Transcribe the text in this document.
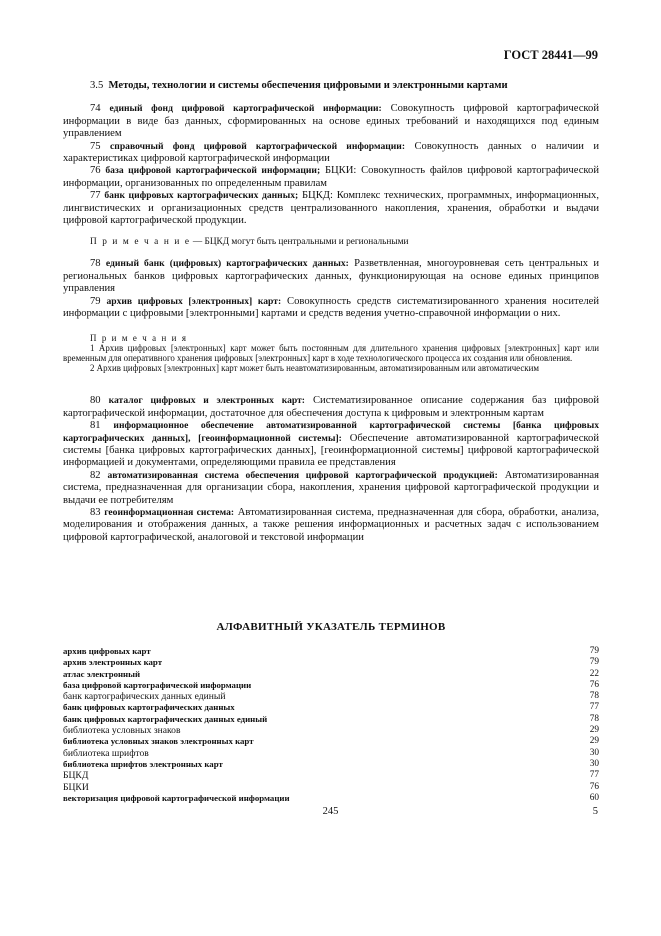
ГОСТ 28441—99

3.5 Методы, технологии и системы обеспечения цифровыми и электронными картами

74 единый фонд цифровой картографической информации: Совокупность цифровой картографической информации в виде баз данных, сформированных на основе единых требований и находящихся под единым управлением

75 справочный фонд цифровой картографической информации: Совокупность данных о наличии и характеристиках цифровой картографической информации

76 база цифровой картографической информации; БЦКИ: Совокупность файлов цифровой картографической информации, организованных по определенным правилам

77 банк цифровых картографических данных; БЦКД: Комплекс технических, программных, информационных, лингвистических и организационных средств централизованного накопления, хранения, обработки и выдачи цифровой картографической продукции.

П р и м е ч а н и е — БЦКД могут быть центральными и региональными

78 единый банк (цифровых) картографических данных: Разветвленная, многоуровневая сеть центральных и региональных банков цифровых картографических данных, функционирующая на основе единых принципов управления

79 архив цифровых [электронных] карт: Совокупность средств систематизированного хранения носителей информации с цифровыми [электронными] картами и средств ведения учетно-справочной информации о них.

П р и м е ч а н и я

1 Архив цифровых [электронных] карт может быть постоянным для длительного хранения цифровых [электронных] карт или временным для оперативного хранения цифровых [электронных] карт в ходе технологического процесса их создания или обновления.

2 Архив цифровых [электронных] карт может быть неавтоматизированным, автоматизированным или автоматическим

80 каталог цифровых и электронных карт: Систематизированное описание содержания баз цифровой картографической информации, достаточное для обеспечения доступа к цифровым и электронным картам

81 информационное обеспечение автоматизированной картографической системы [банка цифровых картографических данных], [геоинформационной системы]: Обеспечение автоматизированной картографической системы [банка цифровых картографических данных], [геоинформационной системы] цифровой картографической информацией и документами, определяющими правила ее представления

82 автоматизированная система обеспечения цифровой картографической продукцией: Автоматизированная система, предназначенная для организации сбора, накопления, хранения цифровой картографической продукции и выдачи ее потребителям

83 геоинформационная система: Автоматизированная система, предназначенная для сбора, обработки, анализа, моделирования и отображения данных, а также решения информационных и расчетных задач с использованием цифровой картографической, аналоговой и текстовой информации

АЛФАВИТНЫЙ УКАЗАТЕЛЬ ТЕРМИНОВ
архив цифровых карт	79
архив электронных карт	79
атлас электронный	22
база цифровой картографической информации	76
банк картографических данных единый	78
банк цифровых картографических данных	77
банк цифровых картографических данных единый	78
библиотека условных знаков	29
библиотека условных знаков электронных карт	29
библиотека шрифтов	30
библиотека шрифтов электронных карт	30
БЦКД	77
БЦКИ	76
векторизация цифровой картографической информации	60
245	5
